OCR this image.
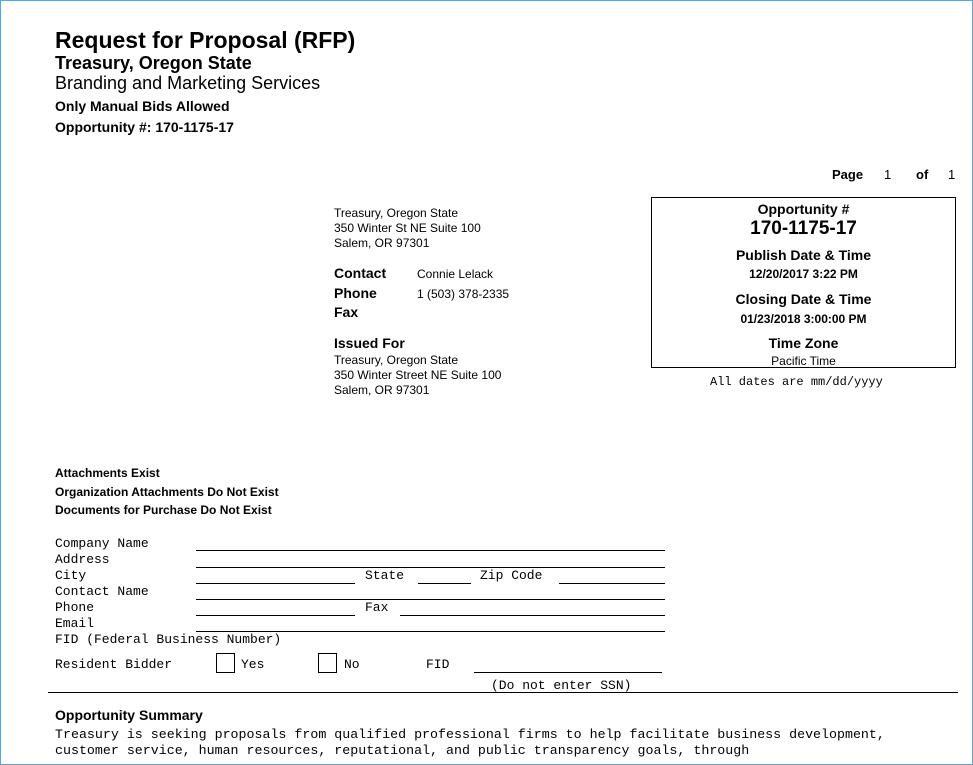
Request for Proposal (RFP)
Treasury, Oregon State
Branding and Marketing Services
Only Manual Bids Allowed
Opportunity #: 170-1175-17
Page 1 of 1
Treasury, Oregon State
350 Winter St NE Suite 100
Salem, OR 97301
Contact	Connie Lelack
Phone	1 (503) 378-2335
Fax
Issued For
Treasury, Oregon State
350 Winter Street NE Suite 100
Salem, OR 97301
Opportunity #
170-1175-17
Publish Date & Time
12/20/2017 3:22 PM
Closing Date & Time
01/23/2018 3:00:00 PM
Time Zone
Pacific Time
All dates are mm/dd/yyyy
Attachments Exist
Organization Attachments Do Not Exist
Documents for Purchase Do Not Exist
Company Name
Address
City	State	Zip Code
Contact Name
Phone	Fax
Email
FID (Federal Business Number)
Resident Bidder	Yes	No	FID
(Do not enter SSN)
Opportunity Summary
Treasury is seeking proposals from qualified professional firms to help facilitate business development, customer service, human resources, reputational, and public transparency goals, through
